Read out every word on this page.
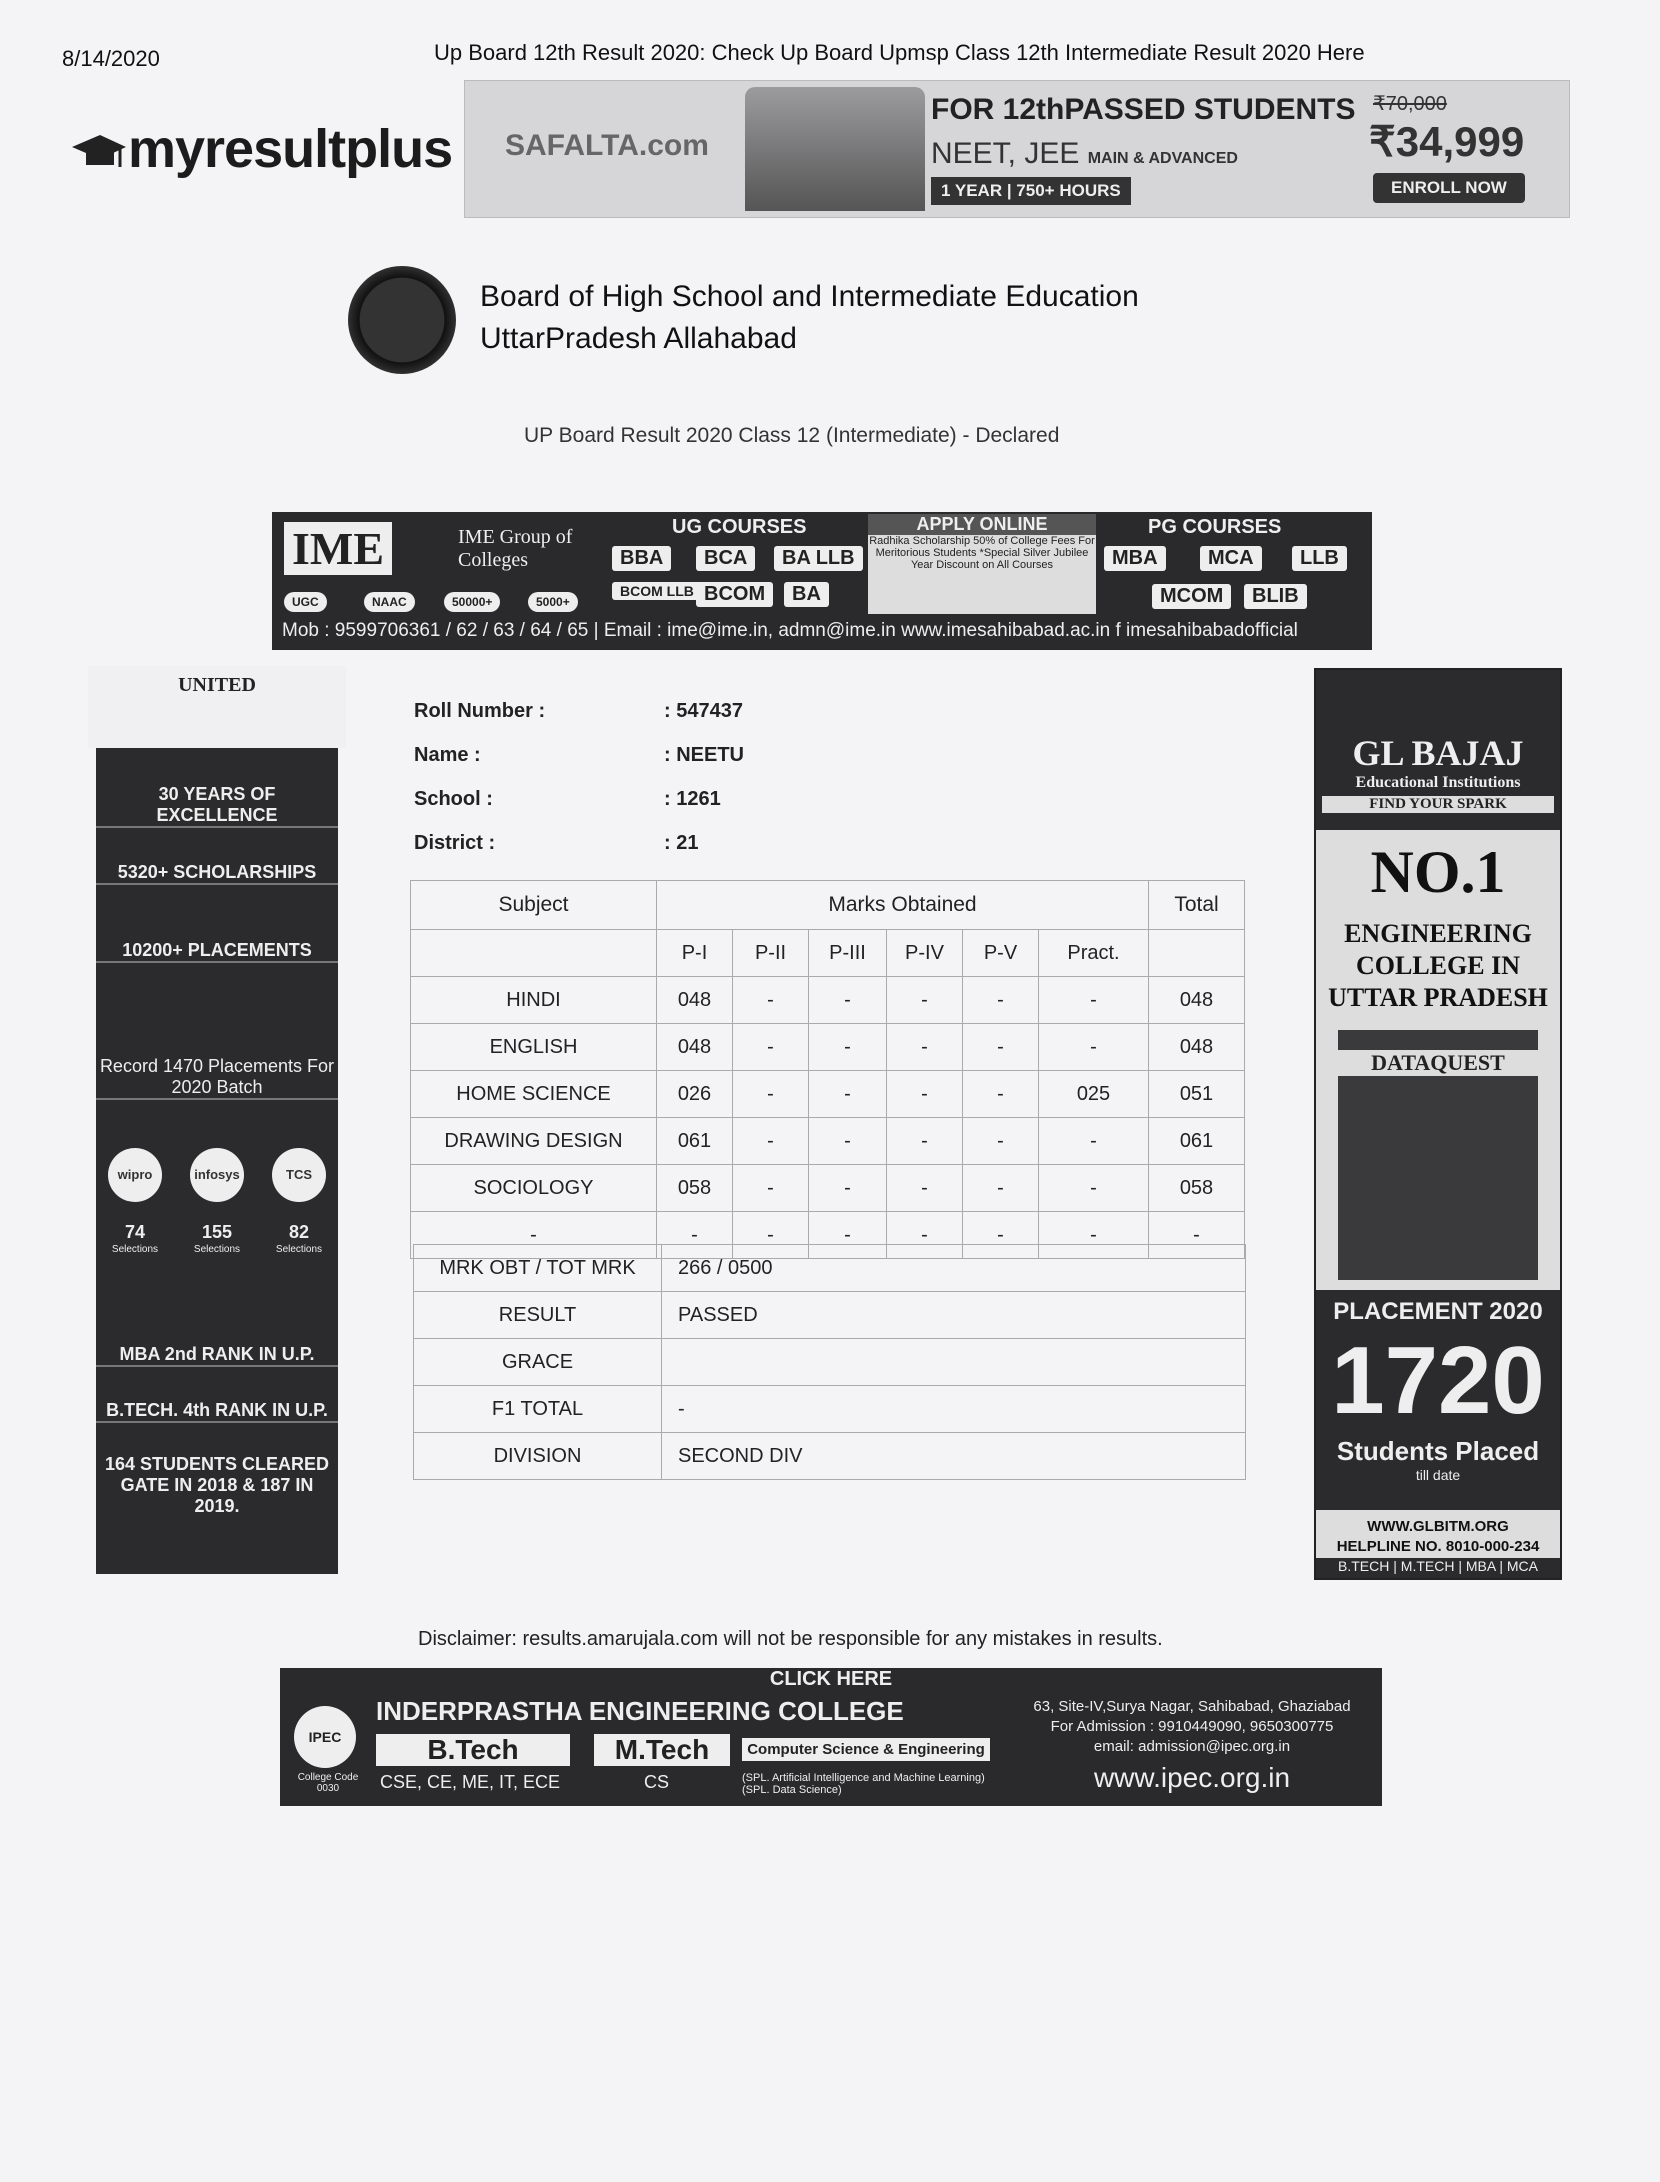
8/14/2020	Up Board 12th Result 2020: Check Up Board Upmsp Class 12th Intermediate Result 2020 Here
myresultplus SAFALTA.com
FOR 12thPASSED STUDENTS
NEET, JEE MAIN & ADVANCED
1 YEAR | 750+ HOURS
₹70,000
₹34,999
ENROLL NOW
Board of High School and Intermediate Education
UttarPradesh Allahabad
UP Board Result 2020 Class 12 (Intermediate) - Declared
IME	IME Group of Colleges
UG COURSES
BBA	BCA	BA LLB
BCOM LLB BCOM	BA
APPLY ONLINE
Radhika Scholarship 50% of College Fees For Meritorious Students *Special Silver Jubilee Year Discount on All Courses
PG COURSES
MBA	MCA	LLB
MCOM	BLIB
UGC	NAAC	50000+	5000+
Mob : 9599706361 / 62 / 63 / 64 / 65 | Email : ime@ime.in, admn@ime.in www.imesahibabad.ac.in f imesahibabadofficial
UNITED
30 YEARS OF EXCELLENCE
5320+ SCHOLARSHIPS
10200+ PLACEMENTS
Record 1470 Placements For 2020 Batch
wipro	infosys	TCS
74	155	82
Selections	Selections	Selections
MBA 2nd RANK IN U.P.
B.TECH. 4th RANK IN U.P.
164 STUDENTS CLEARED GATE IN 2018 & 187 IN 2019.
GL BAJAJ
Educational Institutions
FIND YOUR SPARK
NO.1
ENGINEERING COLLEGE IN UTTAR PRADESH
DATAQUEST
PLACEMENT 2020
1720
Students Placed
till date
WWW.GLBITM.ORG
HELPLINE NO. 8010-000-234
B.TECH | M.TECH | MBA | MCA
Roll Number :	: 547437
Name :	: NEETU
School :	: 1261
District :	: 21
Subject	Marks Obtained						Total
	P-I	P-II	P-III	P-IV	P-V	Pract.	
HINDI	048	-	-	-	-	-	048
ENGLISH	048	-	-	-	-	-	048
HOME SCIENCE	026	-	-	-	-	025	051
DRAWING DESIGN	061	-	-	-	-	-	061
SOCIOLOGY	058	-	-	-	-	-	058
-	-	-	-	-	-	-	-
MRK OBT / TOT MRK	266 / 0500
RESULT	PASSED
GRACE	
F1 TOTAL	-
DIVISION	SECOND DIV
Disclaimer: results.amarujala.com will not be responsible for any mistakes in results.
CLICK HERE
IPEC
College Code 0030
INDERPRASTHA ENGINEERING COLLEGE
B.Tech	M.Tech	Computer Science & Engineering
CSE, CE, ME, IT, ECE	CS	(SPL. Artificial Intelligence and Machine Learning) (SPL. Data Science)
63, Site-IV,Surya Nagar, Sahibabad, Ghaziabad
For Admission : 9910449090, 9650300775
email: admission@ipec.org.in
www.ipec.org.in
